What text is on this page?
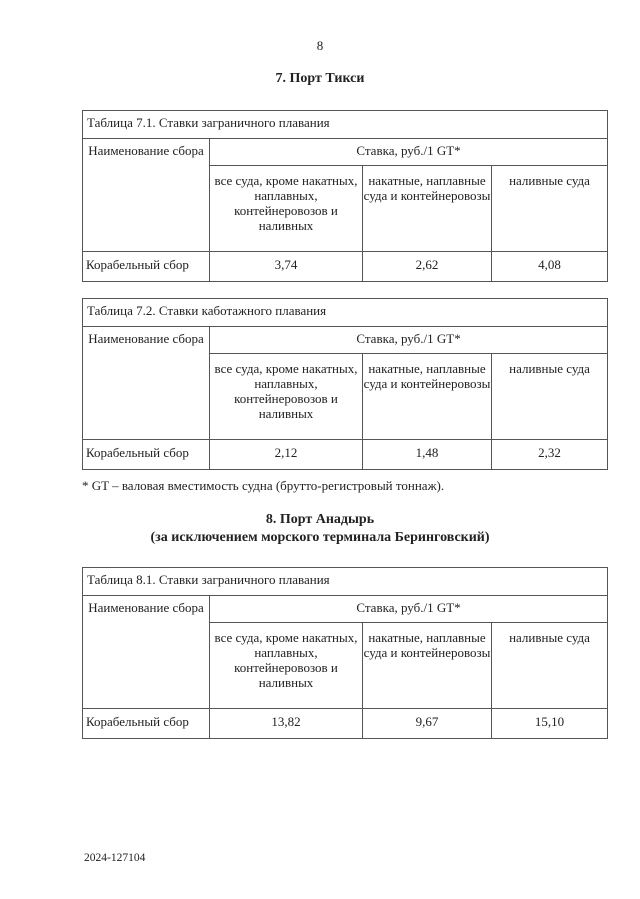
8
7. Порт Тикси
Таблица 7.1. Ставки заграничного плавания			
Наименование сбора	Ставка, руб./1 GT*		
	все суда, кроме накатных, наплавных, контейнеровозов и наливных	накатные, наплавные суда и контейнеровозы	наливные суда
Корабельный сбор	3,74	2,62	4,08
Таблица 7.2. Ставки каботажного плавания			
Наименование сбора	Ставка, руб./1 GT*		
	все суда, кроме накатных, наплавных, контейнеровозов и наливных	накатные, наплавные суда и контейнеровозы	наливные суда
Корабельный сбор	2,12	1,48	2,32
* GT – валовая вместимость судна (брутто-регистровый тоннаж).
8. Порт Анадырь
(за исключением морского терминала Беринговский)
Таблица 8.1. Ставки заграничного плавания			
Наименование сбора	Ставка, руб./1 GT*		
	все суда, кроме накатных, наплавных, контейнеровозов и наливных	накатные, наплавные суда и контейнеровозы	наливные суда
Корабельный сбор	13,82	9,67	15,10
2024-127104
